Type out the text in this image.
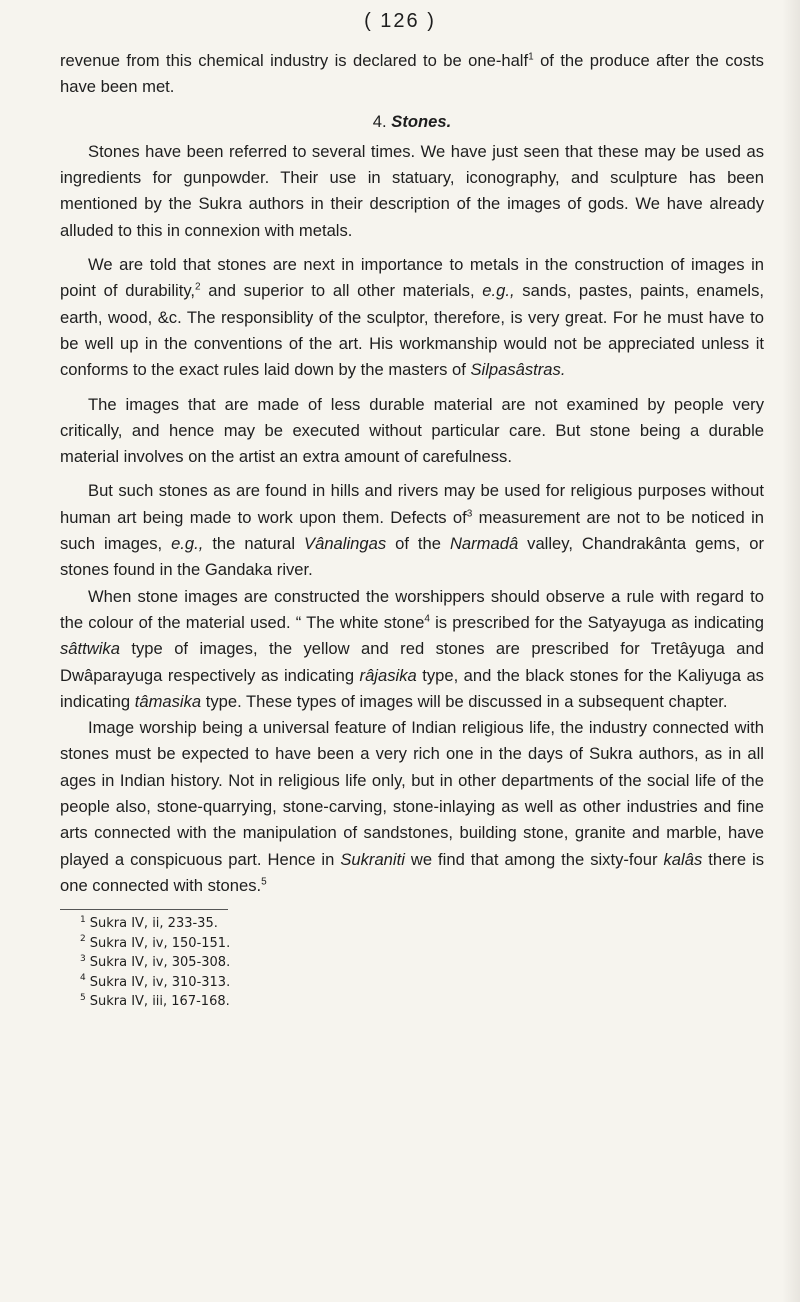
( 126 )

revenue from this chemical industry is declared to be one-half$^1$ of the produce after the costs have been met.

4. Stones.

Stones have been referred to several times. We have just seen that these may be used as ingredients for gunpowder. Their use in statuary, iconography, and sculpture has been mentioned by the Sukra authors in their description of the images of gods. We have already alluded to this in connexion with metals.

We are told that stones are next in importance to metals in the construction of images in point of durability,$^2$ and superior to all other materials, e.g., sands, pastes, paints, enamels, earth, wood, &c. The responsiblity of the sculptor, therefore, is very great. For he must have to be well up in the conventions of the art. His workmanship would not be appreciated unless it conforms to the exact rules laid down by the masters of Silpasâstras.

The images that are made of less durable material are not examined by people very critically, and hence may be executed without particular care. But stone being a durable material involves on the artist an extra amount of carefulness.

But such stones as are found in hills and rivers may be used for religious purposes without human art being made to work upon them. Defects $of^3$ measurement are not to be noticed in such images, e.g., the natural Vânalingas of the Narmadâ valley, Chandrakânta gems, or stones found in the Gandaka river.

When stone images are constructed the worshippers should observe a rule with regard to the colour of the material used. “ The white stone$^4$ is prescribed for the Satyayuga as indicating sâttwika type of images, the yellow and red stones are prescribed for Tretâyuga and Dwâparayuga respectively as indicating râjasika type, and the black stones for the Kaliyuga as indicating tâmasika type. These types of images will be discussed in a subsequent chapter.

Image worship being a universal feature of Indian religious life, the industry connected with stones must be expected to have been a very rich one in the days of Sukra authors, as in all ages in Indian history. Not in religious life only, but in other departments of the social life of the people also, stone-quarrying, stone-carving, stone-inlaying as well as other industries and fine arts connected with the manipulation of sandstones, building stone, granite and marble, have played a conspicuous part. Hence in Sukraniti we find that among the sixty-four kalâs there is one connected with stones.$^5$

$^1$ Sukra IV, ii, 233-35.
$^2$ Sukra IV, iv, 150-151.
$^3$ Sukra IV, iv, 305-308.
$^4$ Sukra IV, iv, 310-313.
$^5$ Sukra IV, iii, 167-168.
